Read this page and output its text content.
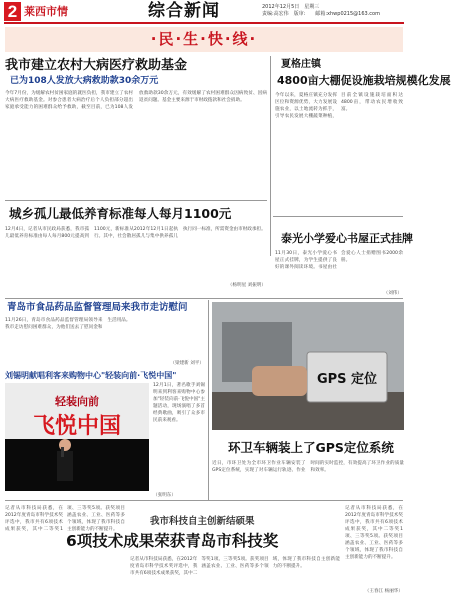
2 莱西市情	综合新闻	2012年12月5日　星期三
责编:高宏伟　版审:　　邮箱:xhwp0215@163.com
·民·生·快·线·
我市建立农村大病医疗救助基金
已为108人发放大病救助款30余万元
今年7月份，为缓解农村贫困家庭的就医负担，我市建立了农村大病医疗救助基金。对参合患者大病治疗后个人负担部分超出家庭承受能力的困难群众给予救助，截至目前，已为108人发放救助款30余万元，有效缓解了农村困难群众因病致贫、因病返贫问题。基金主要来源于市财政拨款和社会捐助。
夏格庄镇
4800亩大棚促设施栽培规模化发展
今年以来，夏格庄镇充分发挥区位和资源优势，大力发展设施农业，以土地流转为抓手，引导农民发展大棚蔬菜种植，目前全镇设施栽培面积达4800亩，带动农民增收致富。
城乡孤儿最低养育标准每人每月1100元
12月4日，记者从市民政局获悉，我市孤儿最低养育标准由每人每月800元提高到1100元，新标准从2012年12月1日起执行。其中，社会散居孤儿与集中供养孤儿执行同一标准，所需资金由市财政承担。
（杨明星 刘振明）
泰光小学爱心书屋正式挂牌
11月30日，泰光小学爱心书屋正式挂牌，为学生提供了良好的课外阅读环境。书屋由社会爱心人士捐赠图书2000余册。
（刘伟）
青岛市食品药品监督管理局来我市走访慰问
11月26日，青岛市食品药品监督管理局领导来我市走访慰问困难群众，为他们送去了慰问金和生活用品。
（梁建新 刘平）
刘锡明献唱利客来购物中心"轻装向前·飞悦中国"
轻装向前
飞悦中国
12月1日，著名歌手刘锡明来到利客来购物中心参加"轻装向前·飞悦中国"主题活动，现场演唱了多首经典歌曲，吸引了众多市民前来观看。
（张明东）
GPS 定位
环卫车辆装上了GPS定位系统
近日，市环卫处为全市环卫作业车辆安装了GPS定位系统，实现了对车辆运行轨迹、作业时间的实时监控，有效提高了环卫作业的质量和效率。
记者从市科技局获悉，在2012年度青岛市科学技术奖评选中，我市共有6项技术成果获奖，其中二等奖1项、三等奖5项。获奖项目涵盖农业、工业、医药等多个领域，体现了我市科技自主创新能力的不断提升。
我市科技自主创新结硕果
6项技术成果荣获青岛市科技奖
记者从市科技局获悉，在2012年度青岛市科学技术奖评选中，我市共有6项技术成果获奖，其中二等奖1项、三等奖5项。获奖项目涵盖农业、工业、医药等多个领域，体现了我市科技自主创新能力的不断提升。
记者从市科技局获悉，在2012年度青岛市科学技术奖评选中，我市共有6项技术成果获奖，其中二等奖1项、三等奖5项。获奖项目涵盖农业、工业、医药等多个领域，体现了我市科技自主创新能力的不断提升。
（王春江 杨丽华）
